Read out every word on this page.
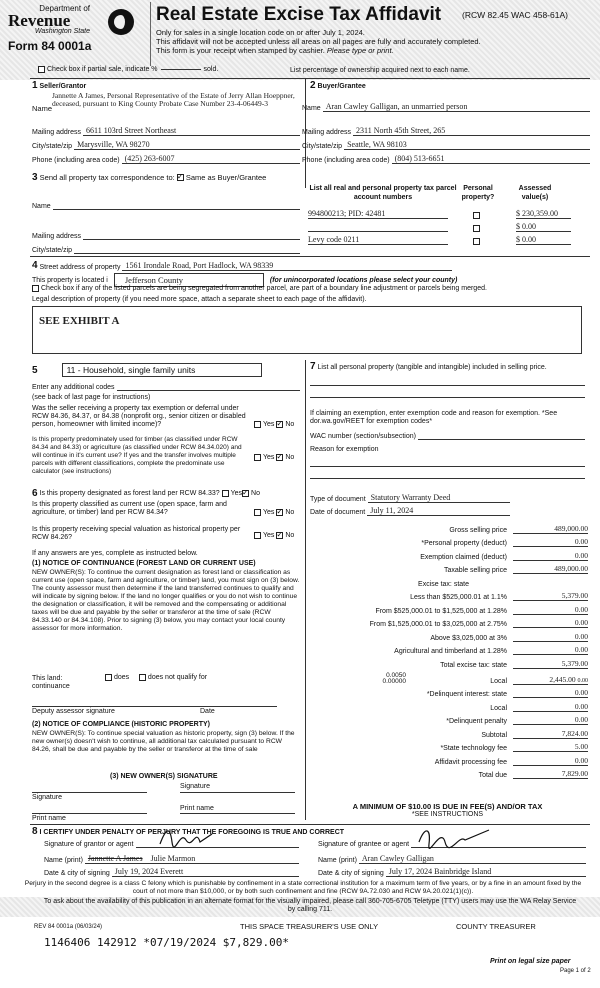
Department of
Revenue
Washington State
Form 84 0001a
Real Estate Excise Tax Affidavit (RCW 82.45 WAC 458-61A)
Only for sales in a single location code on or after July 1, 2024.
This affidavit will not be accepted unless all areas on all pages are fully and accurately completed.
This form is your receipt when stamped by cashier. Please type or print.
Check box if partial sale, indicate %	sold.	List percentage of ownership acquired next to each name.
1 Seller/Grantor
Name
Jannette A James, Personal Representative of the Estate of Jerry Allan Hoeppner, deceased, pursuant to King County Probate Case Number 23-4-06449-3
Mailing address 6611 103rd Street Northeast
City/state/zip Marysville, WA 98270
Phone (including area code) (425) 263-6007
2 Buyer/Grantee
Name Aran Cawley Galligan, an unmarried person
Mailing address 2311 North 45th Street, 265
City/state/zip Seattle, WA 98103
Phone (including area code) (804) 513-6651
3
Send all property tax correspondence to:
✓ Same as Buyer/Grantee
Name
Mailing address
City/state/zip
List all real and personal property tax parcel account numbers
Personal property?
Assessed value(s)
994800213; PID: 42481	$ 230,359.00
$ 0.00
Levy code 0211	$ 0.00
4
Street address of property 1561 Irondale Road, Port Hadlock, WA 98339
This property is located i	Jefferson County	(for unincorporated locations please select your county)
Check box if any of the listed parcels are being segregated from another parcel, are part of a boundary line adjustment or parcels being merged.
Legal description of property (if you need more space, attach a separate sheet to each page of the affidavit).
SEE EXHIBIT A
5	11 - Household, single family units
Enter any additional codes
(see back of last page for instructions)
Was the seller receiving a property tax exemption or deferral under RCW 84.36, 84.37, or 84.38 (nonprofit org., senior citizen or disabled person, homeowner with limited income)?	Yes
✓ No
Is this property predominately used for timber (as classified under RCW 84.34 and 84.33) or agriculture (as classified under RCW 84.34.020) and will continue in it's current use? If yes and the transfer involves multiple parcels with different classifications, complete the predominate use calculator (see instructions)
Yes
✓ No
6
Is this property designated as forest land per RCW 84.33?
Yes ✓ No
Is this property classified as current use (open space, farm and agriculture, or timber) land per RCW 84.34?	Yes
✓ No
Is this property receiving special valuation as historical property per RCW 84.26?	Yes
✓ No
If any answers are yes, complete as instructed below.
(1) NOTICE OF CONTINUANCE (FOREST LAND OR CURRENT USE)
NEW OWNER(S): To continue the current designation as forest land or classification as current use (open space, farm and agriculture, or timber) land, you must sign on (3) below. The county assessor must then determine if the land transferred continues to qualify and will indicate by signing below. If the land no longer qualifies or you do not wish to continue the designation or classification, it will be removed and the compensating or additional taxes will be due and payable by the seller or transferor at the time of sale (RCW 84.33.140 or 84.34.108). Prior to signing (3) below, you may contact your local county assessor for more information.
This land:
continuance
does
	does not qualify for
Deputy assessor signature	Date
(2) NOTICE OF COMPLIANCE (HISTORIC PROPERTY)
NEW OWNER(S): To continue special valuation as historic property, sign (3) below. If the new owner(s) doesn't wish to continue, all additional tax calculated pursuant to RCW 84.26, shall be due and payable by the seller or transferor at the time of sale
(3) NEW OWNER(S) SIGNATURE
Signature
Signature
Print name
Print name
7 List all personal property (tangible and intangible) included in selling price.
If claiming an exemption, enter exemption code and reason for exemption. *See dor.wa.gov/REET for exemption codes*
WAC number (section/subsection)
Reason for exemption
Type of document Statutory Warranty Deed
Date of document July 11, 2024
Gross selling price	489,000.00
*Personal property (deduct)	0.00
Exemption claimed (deduct)	0.00
Taxable selling price	489,000.00
Excise tax: state
Less than $525,000.01 at 1.1%	5,379.00
From $525,000.01 to $1,525,000 at 1.28%	0.00
From $1,525,000.01 to $3,025,000 at 2.75%	0.00
Above $3,025,000 at 3%	0.00
Agricultural and timberland at 1.28%	0.00
Total excise tax: state	5,379.00
0.0050
0.00000	Local	2,445.00 0.00
*Delinquent interest: state	0.00
Local	0.00
*Delinquent penalty	0.00
Subtotal	7,824.00
*State technology fee	5.00
Affidavit processing fee	0.00
Total due	7,829.00
A MINIMUM OF $10.00 IS DUE IN FEE(S) AND/OR TAX
*SEE INSTRUCTIONS
8 I CERTIFY UNDER PENALTY OF PERJURY THAT THE FOREGOING IS TRUE AND CORRECT
Signature of grantor or agent
Name (print) Jannette A James Julie Marmon
Date & city of signing July 19, 2024 Everett
Signature of grantee or agent
Name (print) Aran Cawley Galligan
Date & city of signing July 17, 2024 Bainbridge Island
Perjury in the second degree is a class C felony which is punishable by confinement in a state correctional institution for a maximum term of five years, or by a fine in an amount fixed by the court of not more than $10,000, or by both such confinement and fine (RCW 9A.72.030 and RCW 9A.20.021(1)(c)).
To ask about the availability of this publication in an alternate format for the visually impaired, please call 360-705-6705 Teletype (TTY) users may use the WA Relay Service by calling 711.
REV 84 0001a (06/03/24)	THIS SPACE TREASURER'S USE ONLY	COUNTY TREASURER
1146406 142912 *07/19/2024 $7,829.00*
Print on legal size paper
Page 1 of 2
